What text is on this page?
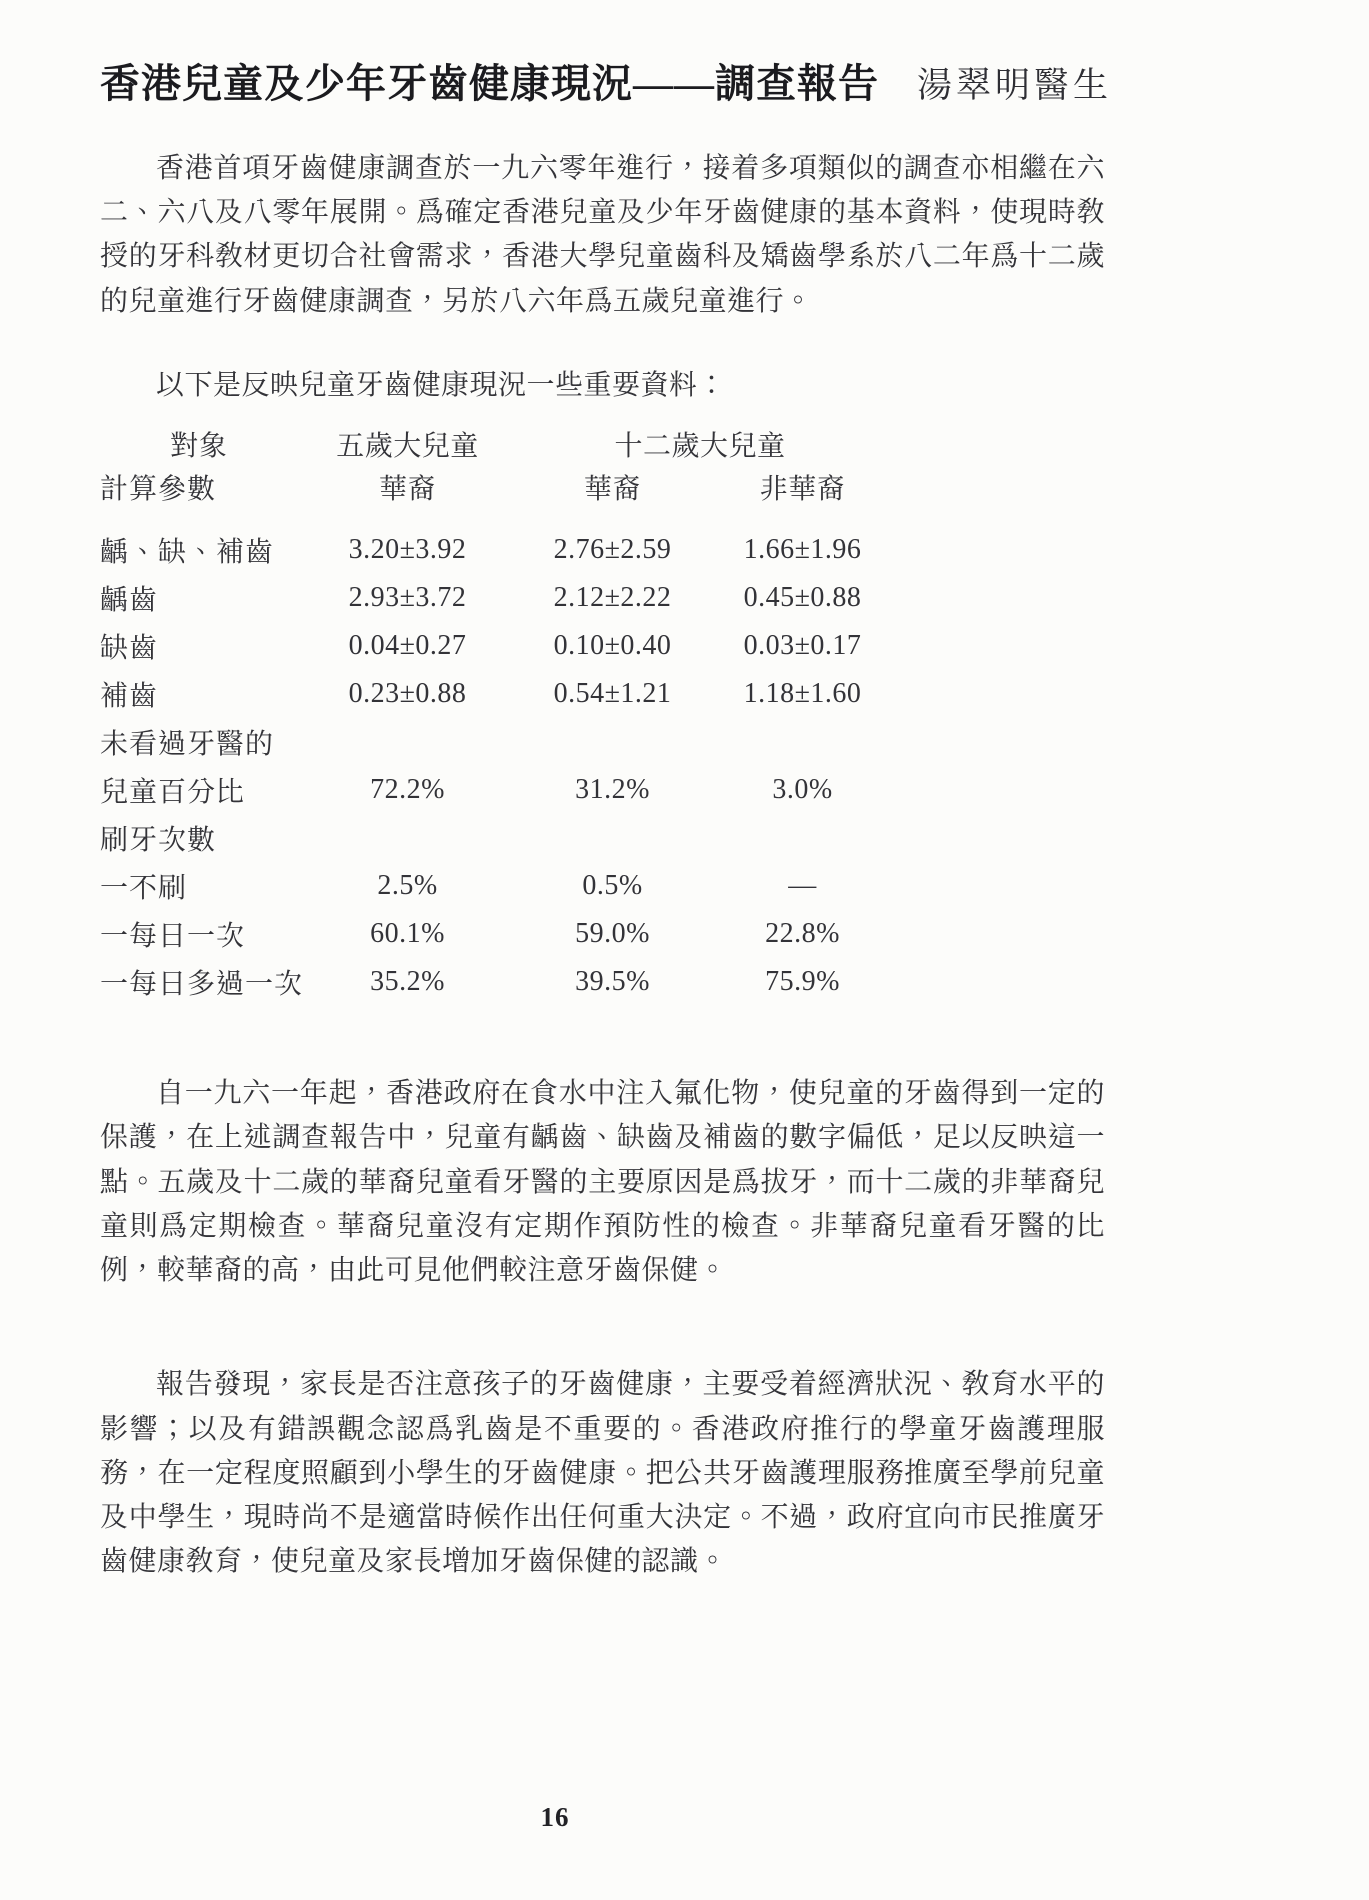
香港兒童及少年牙齒健康現況——調查報告 湯翠明醫生

香港首項牙齒健康調查於一九六零年進行，接着多項類似的調查亦相繼在六二、六八及八零年展開。爲確定香港兒童及少年牙齒健康的基本資料，使現時敎授的牙科敎材更切合社會需求，香港大學兒童齒科及矯齒學系於八二年爲十二歲的兒童進行牙齒健康調查，另於八六年爲五歲兒童進行。

以下是反映兒童牙齒健康現況一些重要資料：

對象	五歲大兒童	十二歲大兒童
計算參數	華裔	華裔	非華裔
齲、缺、補齒	3.20±3.92	2.76±2.59	1.66±1.96
齲齒	2.93±3.72	2.12±2.22	0.45±0.88
缺齒	0.04±0.27	0.10±0.40	0.03±0.17
補齒	0.23±0.88	0.54±1.21	1.18±1.60
未看過牙醫的
兒童百分比	72.2%	31.2%	3.0%
刷牙次數
一不刷	2.5%	0.5%	—
一每日一次	60.1%	59.0%	22.8%
一每日多過一次	35.2%	39.5%	75.9%

自一九六一年起，香港政府在食水中注入氟化物，使兒童的牙齒得到一定的保護，在上述調查報告中，兒童有齲齒、缺齒及補齒的數字偏低，足以反映這一點。五歲及十二歲的華裔兒童看牙醫的主要原因是爲拔牙，而十二歲的非華裔兒童則爲定期檢查。華裔兒童沒有定期作預防性的檢查。非華裔兒童看牙醫的比例，較華裔的高，由此可見他們較注意牙齒保健。

報告發現，家長是否注意孩子的牙齒健康，主要受着經濟狀況、敎育水平的影響；以及有錯誤觀念認爲乳齒是不重要的。香港政府推行的學童牙齒護理服務，在一定程度照顧到小學生的牙齒健康。把公共牙齒護理服務推廣至學前兒童及中學生，現時尚不是適當時候作出任何重大決定。不過，政府宜向市民推廣牙齒健康敎育，使兒童及家長增加牙齒保健的認識。

16
